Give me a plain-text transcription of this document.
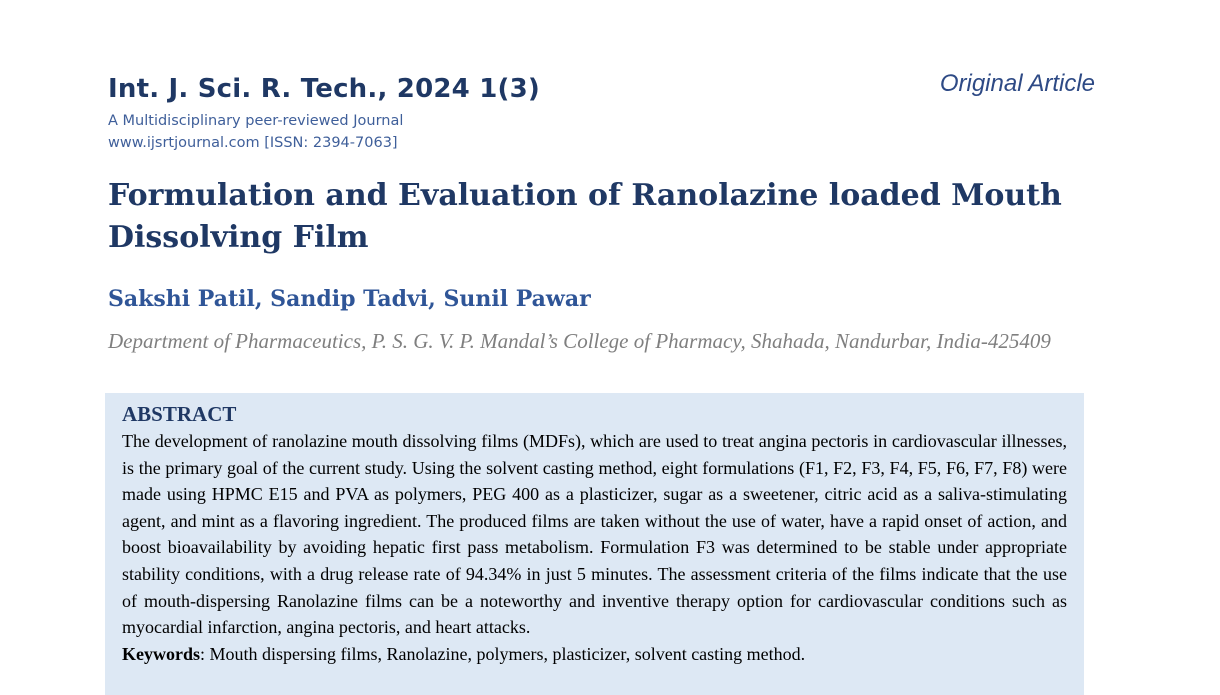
Int. J. Sci. R. Tech., 2024 1(3)
A Multidisciplinary peer-reviewed Journal
www.ijsrtjournal.com [ISSN: 2394-7063]
Original Article
Formulation and Evaluation of Ranolazine loaded Mouth Dissolving Film
Sakshi Patil, Sandip Tadvi, Sunil Pawar
Department of Pharmaceutics, P. S. G. V. P. Mandal’s College of Pharmacy, Shahada, Nandurbar, India-425409
ABSTRACT

The development of ranolazine mouth dissolving films (MDFs), which are used to treat angina pectoris in cardiovascular illnesses, is the primary goal of the current study. Using the solvent casting method, eight formulations (F1, F2, F3, F4, F5, F6, F7, F8) were made using HPMC E15 and PVA as polymers, PEG 400 as a plasticizer, sugar as a sweetener, citric acid as a saliva-stimulating agent, and mint as a flavoring ingredient. The produced films are taken without the use of water, have a rapid onset of action, and boost bioavailability by avoiding hepatic first pass metabolism. Formulation F3 was determined to be stable under appropriate stability conditions, with a drug release rate of 94.34% in just 5 minutes. The assessment criteria of the films indicate that the use of mouth-dispersing Ranolazine films can be a noteworthy and inventive therapy option for cardiovascular conditions such as myocardial infarction, angina pectoris, and heart attacks.

Keywords: Mouth dispersing films, Ranolazine, polymers, plasticizer, solvent casting method.
